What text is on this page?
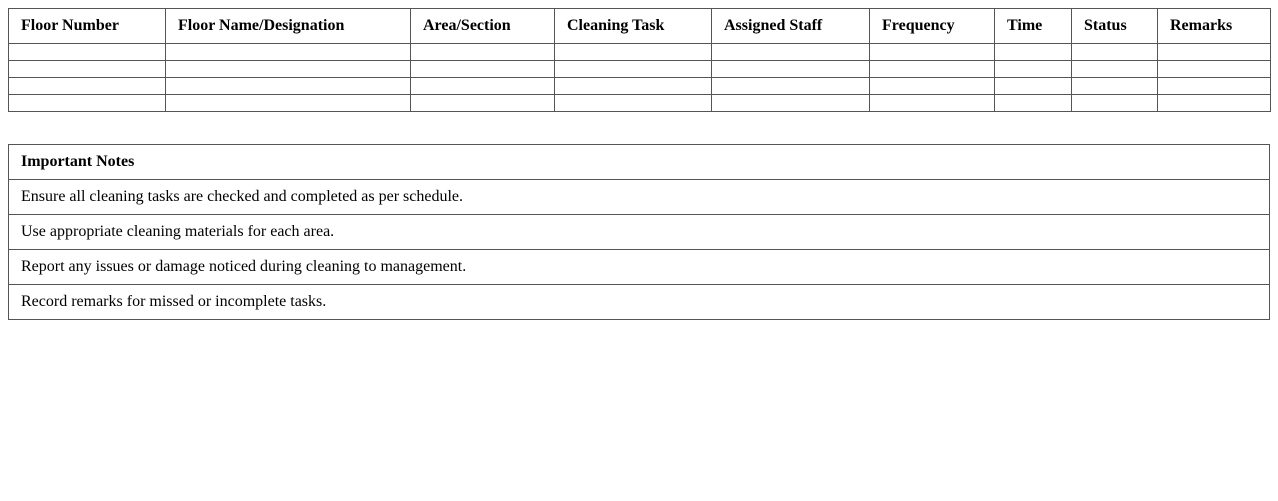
Floor Number	Floor Name/Designation	Area/Section	Cleaning Task	Assigned Staff	Frequency	Time	Status	Remarks

Important Notes
Ensure all cleaning tasks are checked and completed as per schedule.
Use appropriate cleaning materials for each area.
Report any issues or damage noticed during cleaning to management.
Record remarks for missed or incomplete tasks.
